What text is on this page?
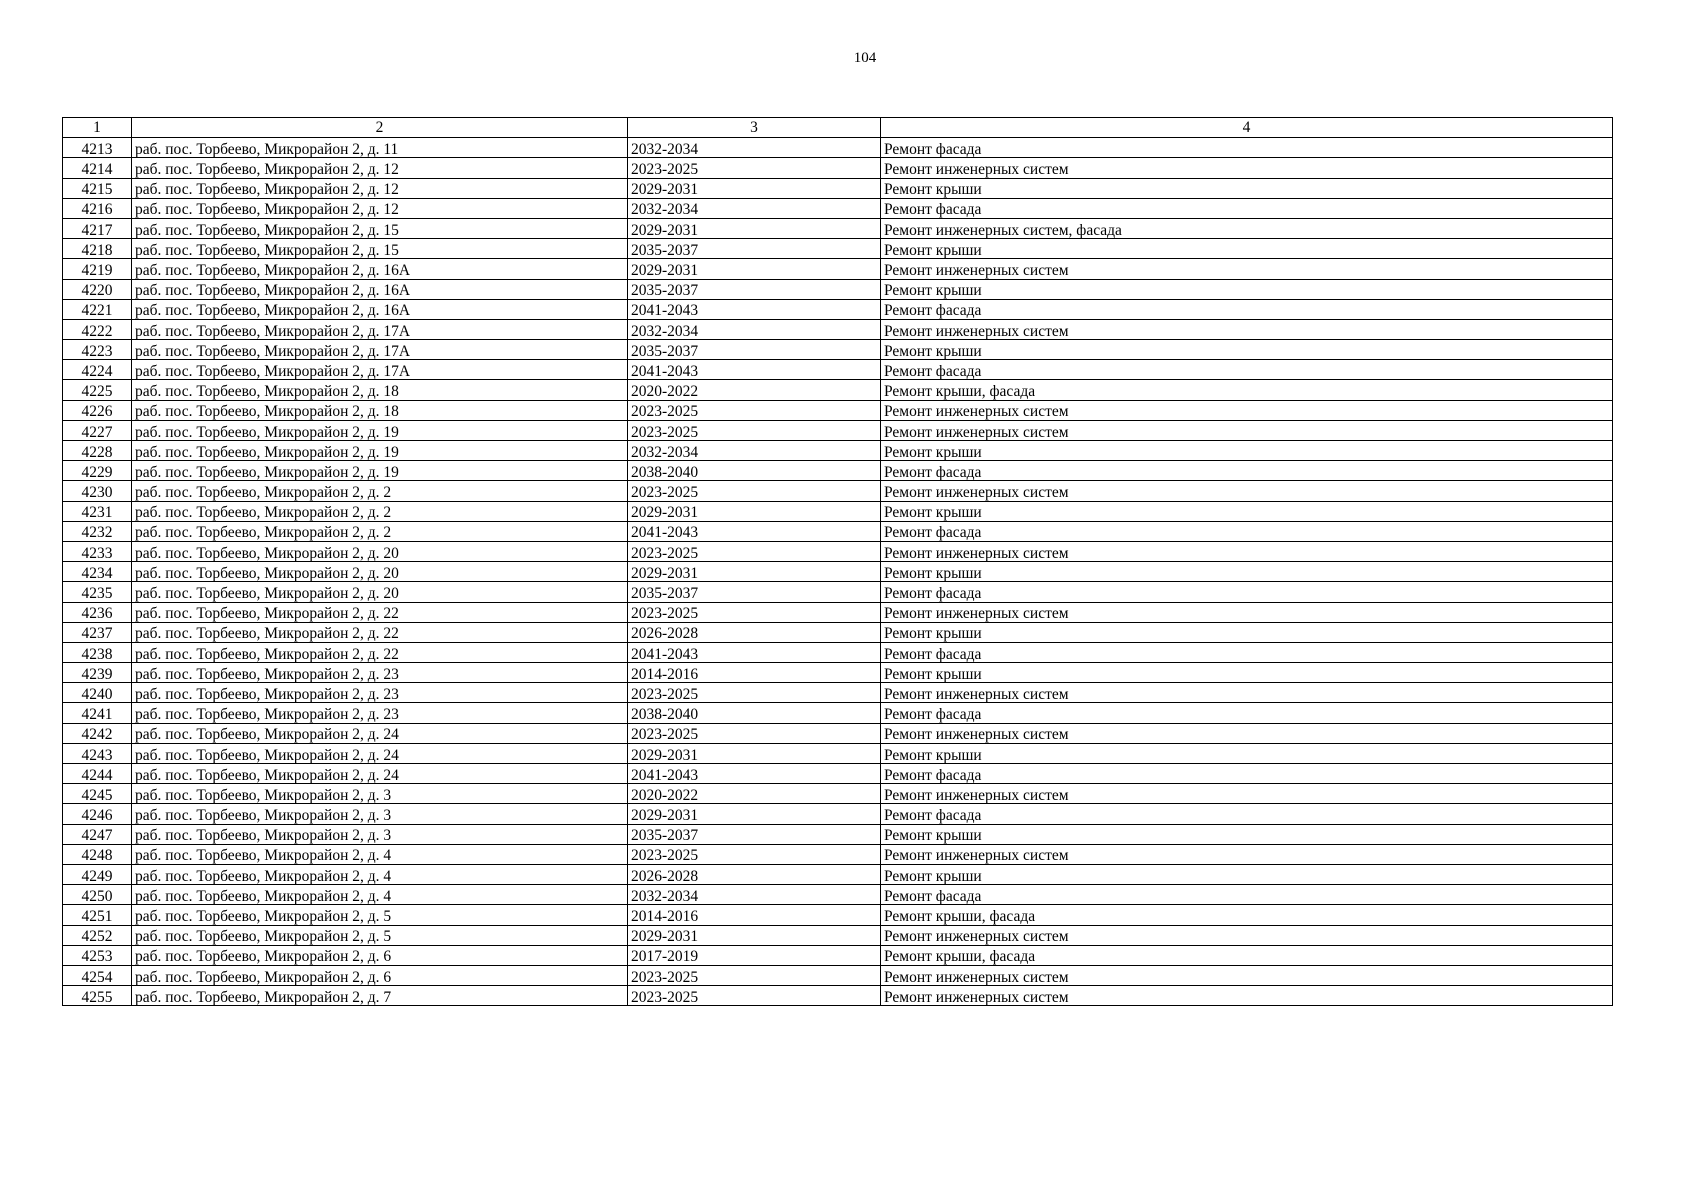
104
1	2	3	4
4213	раб. пос. Торбеево, Микрорайон 2, д. 11	2032-2034	Ремонт фасада
4214	раб. пос. Торбеево, Микрорайон 2, д. 12	2023-2025	Ремонт инженерных систем
4215	раб. пос. Торбеево, Микрорайон 2, д. 12	2029-2031	Ремонт крыши
4216	раб. пос. Торбеево, Микрорайон 2, д. 12	2032-2034	Ремонт фасада
4217	раб. пос. Торбеево, Микрорайон 2, д. 15	2029-2031	Ремонт инженерных систем, фасада
4218	раб. пос. Торбеево, Микрорайон 2, д. 15	2035-2037	Ремонт крыши
4219	раб. пос. Торбеево, Микрорайон 2, д. 16А	2029-2031	Ремонт инженерных систем
4220	раб. пос. Торбеево, Микрорайон 2, д. 16А	2035-2037	Ремонт крыши
4221	раб. пос. Торбеево, Микрорайон 2, д. 16А	2041-2043	Ремонт фасада
4222	раб. пос. Торбеево, Микрорайон 2, д. 17А	2032-2034	Ремонт инженерных систем
4223	раб. пос. Торбеево, Микрорайон 2, д. 17А	2035-2037	Ремонт крыши
4224	раб. пос. Торбеево, Микрорайон 2, д. 17А	2041-2043	Ремонт фасада
4225	раб. пос. Торбеево, Микрорайон 2, д. 18	2020-2022	Ремонт крыши, фасада
4226	раб. пос. Торбеево, Микрорайон 2, д. 18	2023-2025	Ремонт инженерных систем
4227	раб. пос. Торбеево, Микрорайон 2, д. 19	2023-2025	Ремонт инженерных систем
4228	раб. пос. Торбеево, Микрорайон 2, д. 19	2032-2034	Ремонт крыши
4229	раб. пос. Торбеево, Микрорайон 2, д. 19	2038-2040	Ремонт фасада
4230	раб. пос. Торбеево, Микрорайон 2, д. 2	2023-2025	Ремонт инженерных систем
4231	раб. пос. Торбеево, Микрорайон 2, д. 2	2029-2031	Ремонт крыши
4232	раб. пос. Торбеево, Микрорайон 2, д. 2	2041-2043	Ремонт фасада
4233	раб. пос. Торбеево, Микрорайон 2, д. 20	2023-2025	Ремонт инженерных систем
4234	раб. пос. Торбеево, Микрорайон 2, д. 20	2029-2031	Ремонт крыши
4235	раб. пос. Торбеево, Микрорайон 2, д. 20	2035-2037	Ремонт фасада
4236	раб. пос. Торбеево, Микрорайон 2, д. 22	2023-2025	Ремонт инженерных систем
4237	раб. пос. Торбеево, Микрорайон 2, д. 22	2026-2028	Ремонт крыши
4238	раб. пос. Торбеево, Микрорайон 2, д. 22	2041-2043	Ремонт фасада
4239	раб. пос. Торбеево, Микрорайон 2, д. 23	2014-2016	Ремонт крыши
4240	раб. пос. Торбеево, Микрорайон 2, д. 23	2023-2025	Ремонт инженерных систем
4241	раб. пос. Торбеево, Микрорайон 2, д. 23	2038-2040	Ремонт фасада
4242	раб. пос. Торбеево, Микрорайон 2, д. 24	2023-2025	Ремонт инженерных систем
4243	раб. пос. Торбеево, Микрорайон 2, д. 24	2029-2031	Ремонт крыши
4244	раб. пос. Торбеево, Микрорайон 2, д. 24	2041-2043	Ремонт фасада
4245	раб. пос. Торбеево, Микрорайон 2, д. 3	2020-2022	Ремонт инженерных систем
4246	раб. пос. Торбеево, Микрорайон 2, д. 3	2029-2031	Ремонт фасада
4247	раб. пос. Торбеево, Микрорайон 2, д. 3	2035-2037	Ремонт крыши
4248	раб. пос. Торбеево, Микрорайон 2, д. 4	2023-2025	Ремонт инженерных систем
4249	раб. пос. Торбеево, Микрорайон 2, д. 4	2026-2028	Ремонт крыши
4250	раб. пос. Торбеево, Микрорайон 2, д. 4	2032-2034	Ремонт фасада
4251	раб. пос. Торбеево, Микрорайон 2, д. 5	2014-2016	Ремонт крыши, фасада
4252	раб. пос. Торбеево, Микрорайон 2, д. 5	2029-2031	Ремонт инженерных систем
4253	раб. пос. Торбеево, Микрорайон 2, д. 6	2017-2019	Ремонт крыши, фасада
4254	раб. пос. Торбеево, Микрорайон 2, д. 6	2023-2025	Ремонт инженерных систем
4255	раб. пос. Торбеево, Микрорайон 2, д. 7	2023-2025	Ремонт инженерных систем
